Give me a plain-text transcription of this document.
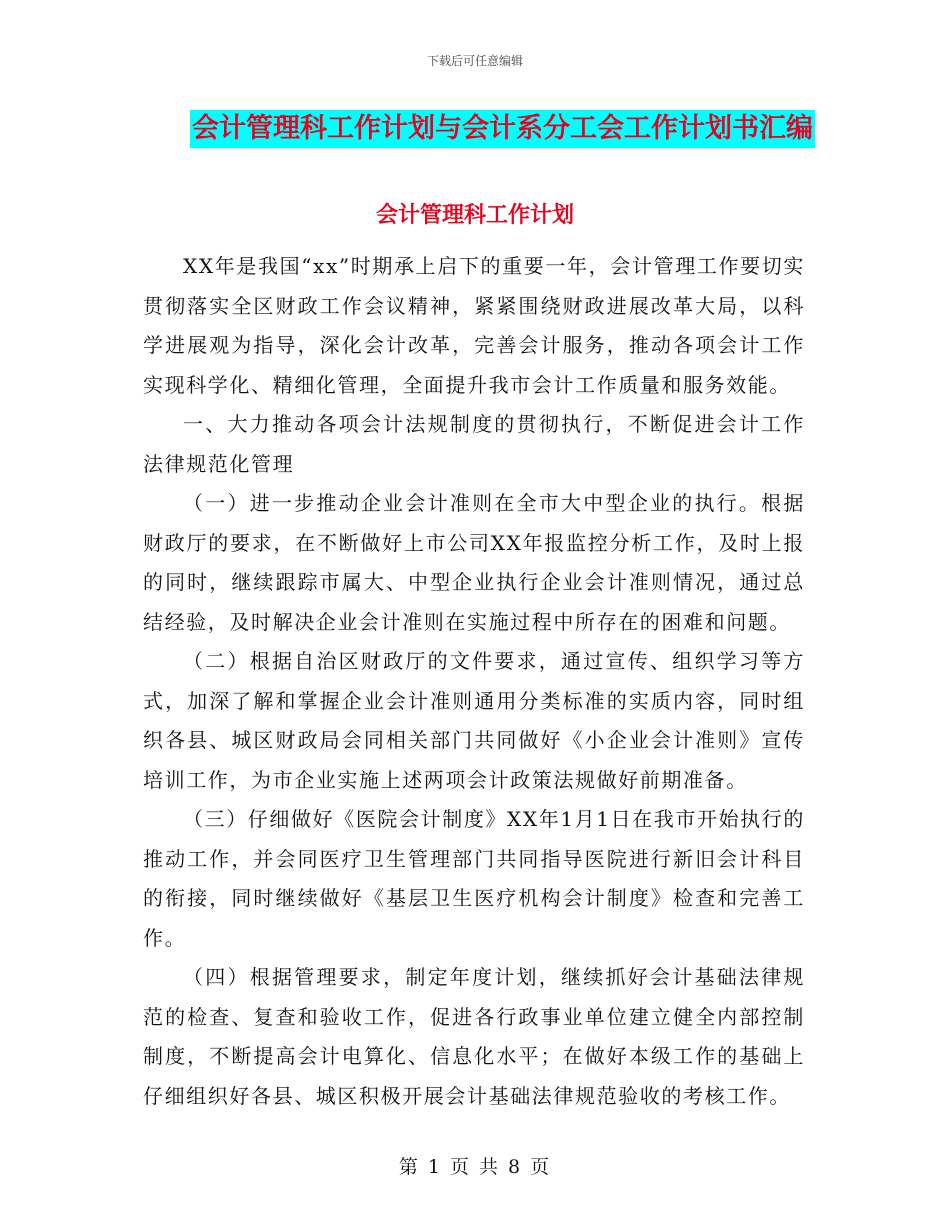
下载后可任意编辑
会计管理科工作计划与会计系分工会工作计划书汇编
会计管理科工作计划

XX年是我国“xx”时期承上启下的重要一年，会计管理工作要切实贯彻落实全区财政工作会议精神，紧紧围绕财政进展改革大局，以科学进展观为指导，深化会计改革，完善会计服务，推动各项会计工作实现科学化、精细化管理，全面提升我市会计工作质量和服务效能。

一、大力推动各项会计法规制度的贯彻执行，不断促进会计工作法律规范化管理

（一）进一步推动企业会计准则在全市大中型企业的执行。根据财政厅的要求，在不断做好上市公司XX年报监控分析工作，及时上报的同时，继续跟踪市属大、中型企业执行企业会计准则情况，通过总结经验，及时解决企业会计准则在实施过程中所存在的困难和问题。

（二）根据自治区财政厅的文件要求，通过宣传、组织学习等方式，加深了解和掌握企业会计准则通用分类标准的实质内容，同时组织各县、城区财政局会同相关部门共同做好《小企业会计准则》宣传培训工作，为市企业实施上述两项会计政策法规做好前期准备。

（三）仔细做好《医院会计制度》XX年1月1日在我市开始执行的推动工作，并会同医疗卫生管理部门共同指导医院进行新旧会计科目的衔接，同时继续做好《基层卫生医疗机构会计制度》检查和完善工作。

（四）根据管理要求，制定年度计划，继续抓好会计基础法律规范的检查、复查和验收工作，促进各行政事业单位建立健全内部控制制度，不断提高会计电算化、信息化水平；在做好本级工作的基础上仔细组织好各县、城区积极开展会计基础法律规范验收的考核工作。

第 1 页 共 8 页
